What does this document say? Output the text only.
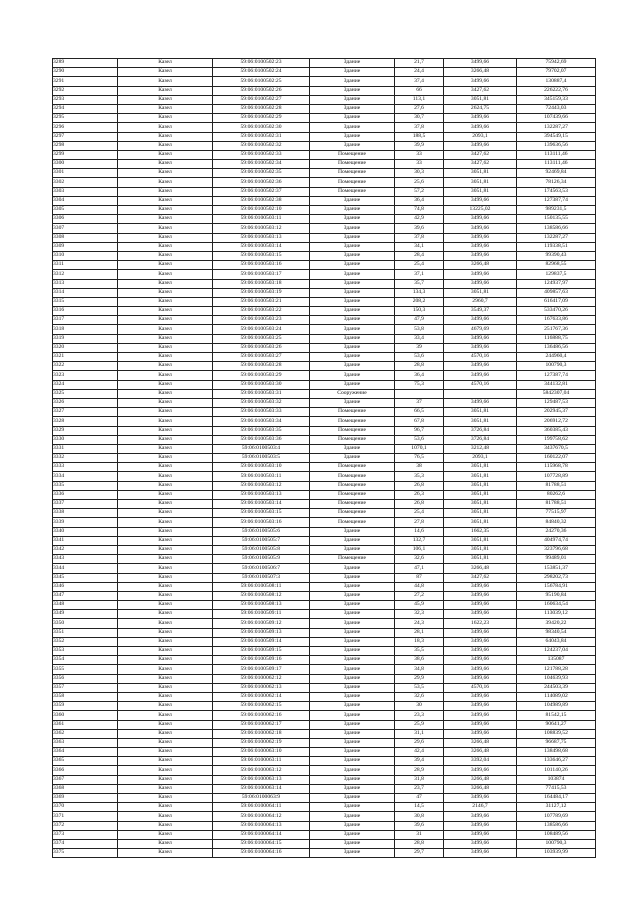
3289	Казел	59:06:0100502:23	Здание	21,7	3499,66	75942,69
3290	Казел	59:06:0100502:24	Здание	24,4	3266,48	79702,07
3291	Казел	59:06:0100502:25	Здание	37,4	3499,66	130887,4
3292	Казел	59:06:0100502:26	Здание	66	3427,62	226222,76
3293	Казел	59:06:0100502:27	Здание	113,1	3051,81	345159,33
3294	Казел	59:06:0100502:28	Здание	27,6	2624,75	72443,03
3295	Казел	59:06:0100502:29	Здание	30,7	3499,66	107439,66
3296	Казел	59:06:0100502:30	Здание	37,8	3499,66	132287,27
3297	Казел	59:06:0100502:31	Здание	188,5	2093,1	394549,15
3298	Казел	59:06:0100502:32	Здание	39,9	3499,66	139636,56
3299	Казел	59:06:0100502:33	Помещение	33	3427,62	113111,46
3300	Казел	59:06:0100502:34	Помещение	33	3427,62	113111,46
3301	Казел	59:06:0100502:35	Помещение	30,3	3051,81	92469,84
3302	Казел	59:06:0100502:36	Помещение	25,6	3051,81	78126,34
3303	Казел	59:06:0100502:37	Помещение	57,2	3051,81	174563,53
3304	Казел	59:06:0100502:38	Здание	36,4	3499,66	127387,74
3305	Казел	59:06:0100502:10	Здание	74,8	13225,02	989231,5
3306	Казел	59:06:0100503:11	Здание	42,9	3499,66	150135,55
3307	Казел	59:06:0100503:12	Здание	39,6	3499,66	138586,66
3308	Казел	59:06:0100503:13	Здание	37,8	3499,66	132287,27
3309	Казел	59:06:0100503:14	Здание	34,1	3499,66	119338,51
3310	Казел	59:06:0100503:15	Здание	28,4	3499,66	99390,43
3311	Казел	59:06:0100503:16	Здание	25,4	3266,48	82968,55
3312	Казел	59:06:0100503:17	Здание	37,1	3499,66	129837,5
3313	Казел	59:06:0100503:18	Здание	35,7	3499,66	124937,97
3314	Казел	59:06:0100503:19	Здание	134,3	3051,81	409857,63
3315	Казел	59:06:0100503:21	Здание	208,2	2960,7	616417,09
3316	Казел	59:06:0100503:22	Здание	150,3	3549,37	533470,26
3317	Казел	59:06:0100503:23	Здание	47,9	3499,66	167633,86
3318	Казел	59:06:0100503:24	Здание	53,8	4679,69	251767,36
3319	Казел	59:06:0100503:25	Здание	33,4	3499,66	116888,75
3320	Казел	59:06:0100503:26	Здание	39	3499,66	136486,56
3321	Казел	59:06:0100503:27	Здание	53,6	4570,16	244960,4
3322	Казел	59:06:0100503:28	Здание	28,8	3499,66	100790,3
3323	Казел	59:06:0100503:29	Здание	36,4	3499,66	127387,74
3324	Казел	59:06:0100503:30	Здание	75,3	4570,16	344132,81
3325	Казел	59:06:0100503:31	Сооружение			5842307,04
3326	Казел	59:06:0100503:32	Здание	37	3499,66	129487,53
3327	Казел	59:06:0100503:33	Помещение	66,5	3051,81	202945,37
3328	Казел	59:06:0100503:34	Помещение	67,8	3051,81	206912,72
3329	Казел	59:06:0100503:35	Помещение	96,7	3726,84	360385,43
3330	Казел	59:06:0100503:36	Помещение	53,6	3726,84	199758,62
3331	Казел	59:06:0100503:4	Здание	1070,1	3212,48	3437670,5
3332	Казел	59:06:0100503:5	Здание	76,5	2093,1	160122,07
3333	Казел	59:06:0100503:10	Помещение	38	3051,81	115968,78
3334	Казел	59:06:0100503:11	Помещение	35,3	3051,81	107728,89
3335	Казел	59:06:0100503:12	Помещение	26,8	3051,81	81788,51
3336	Казел	59:06:0100503:13	Помещение	26,3	3051,81	80262,6
3337	Казел	59:06:0100503:14	Помещение	26,8	3051,81	81788,51
3338	Казел	59:06:0100503:15	Помещение	25,4	3051,81	77515,97
3339	Казел	59:06:0100503:16	Помещение	27,8	3051,81	84840,32
3340	Казел	59:06:0100505:6	Здание	14,6	1662,35	24270,36
3341	Казел	59:06:0100505:7	Здание	132,7	3051,81	404974,74
3342	Казел	59:06:0100505:8	Здание	106,1	3051,81	323796,68
3343	Казел	59:06:0100505:9	Помещение	32,6	3051,81	99489,01
3344	Казел	59:06:0100506:7	Здание	47,1	3266,48	153851,37
3345	Казел	59:06:0100507:3	Здание	87	3427,62	298202,73
3346	Казел	59:06:0100508:11	Здание	44,8	3499,66	156784,91
3347	Казел	59:06:0100508:12	Здание	27,2	3499,66	95190,84
3348	Казел	59:06:0100508:13	Здание	45,9	3499,66	160634,54
3349	Казел	59:06:0100509:11	Здание	32,3	3499,66	113039,12
3350	Казел	59:06:0100509:12	Здание	24,3	1622,23	39420,22
3351	Казел	59:06:0100509:13	Здание	28,1	3499,66	98340,54
3352	Казел	59:06:0100509:14	Здание	18,3	3499,66	64043,84
3353	Казел	59:06:0100509:15	Здание	35,5	3499,66	124237,04
3354	Казел	59:06:0100509:16	Здание	38,6	3499,66	135087
3355	Казел	59:06:0100509:17	Здание	34,8	3499,66	121788,28
3356	Казел	59:06:0100062:12	Здание	29,9	3499,66	104639,93
3357	Казел	59:06:0100062:13	Здание	53,5	4570,16	244503,39
3358	Казел	59:06:0100062:14	Здание	32,6	3499,66	114089,02
3359	Казел	59:06:0100062:15	Здание	30	3499,66	104989,89
3360	Казел	59:06:0100062:16	Здание	23,3	3499,66	81542,15
3361	Казел	59:06:0100062:17	Здание	25,9	3499,66	90641,27
3362	Казел	59:06:0100062:18	Здание	31,1	3499,66	108839,52
3363	Казел	59:06:0100062:19	Здание	29,6	3266,48	96687,75
3364	Казел	59:06:0100063:10	Здание	42,4	3266,48	138498,68
3365	Казел	59:06:0100063:11	Здание	39,4	3392,04	133646,27
3366	Казел	59:06:0100063:12	Здание	28,9	3499,66	101140,26
3367	Казел	59:06:0100063:13	Здание	31,8	3266,48	103874
3368	Казел	59:06:0100063:14	Здание	23,7	3266,48	77415,53
3369	Казел	59:06:0100063:9	Здание	47	3499,66	164484,17
3370	Казел	59:06:0100064:11	Здание	14,5	2146,7	31127,12
3371	Казел	59:06:0100064:12	Здание	30,8	3499,66	107789,69
3372	Казел	59:06:0100064:13	Здание	39,6	3499,66	138586,66
3373	Казел	59:06:0100064:14	Здание	31	3499,66	108489,56
3374	Казел	59:06:0100064:15	Здание	28,8	3499,66	100790,3
3375	Казел	59:06:0100064:16	Здание	29,7	3499,66	103939,99
